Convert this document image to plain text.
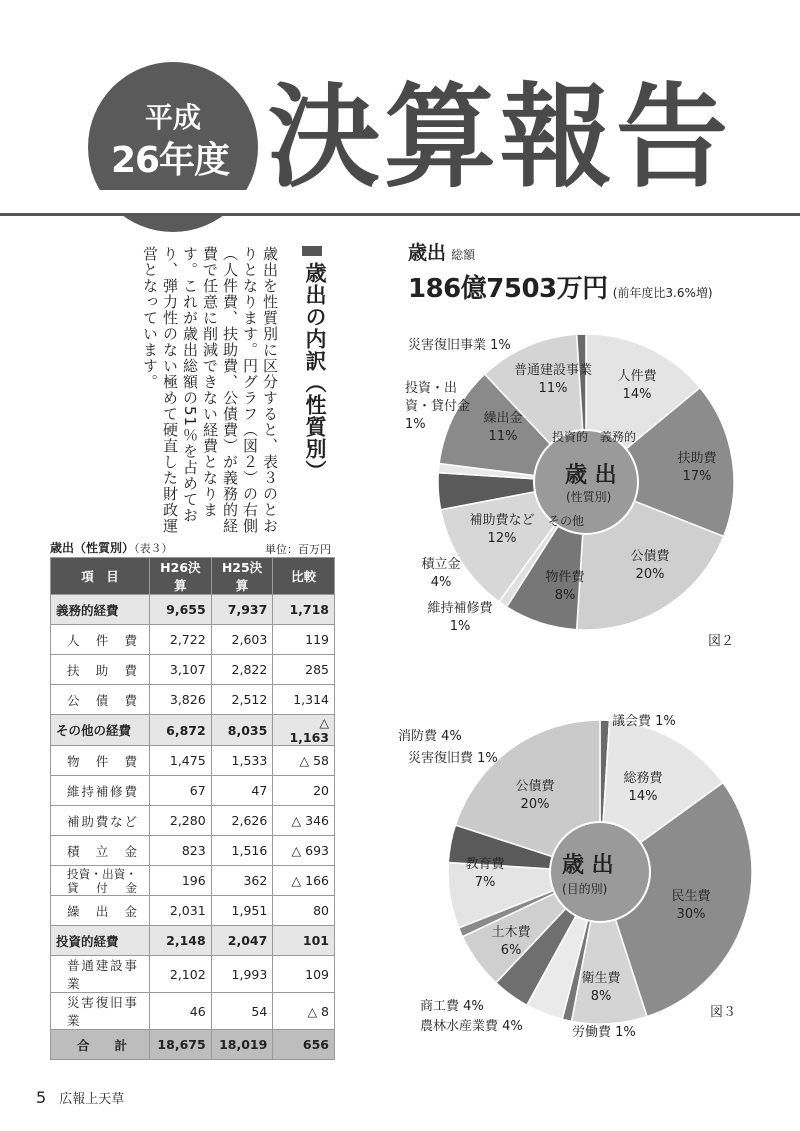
平成
26年度 決算報告
歳出の内訳（性質別）
歳出を性質別に区分すると、表３のとおりとなります。円グラフ（図２）の右側（人件費、扶助費、公債費）が義務的経費で任意に削減できない経費となります。これが歳出総額の51％を占めており、弾力性のない極めて硬直した財政運営となっています。
歳出（性質別）（表３）	単位：百万円
項　目	H26決算	H25決算	比較
義務的経費	9,655	7,937	1,718
人件費	2,722	2,603	119
扶助費	3,107	2,822	285
公債費	3,826	2,512	1,314
その他の経費	6,872	8,035	△ 1,163
物件費	1,475	1,533	△ 58
維持補修費	67	47	20
補助費など	2,280	2,626	△ 346
積立金	823	1,516	△ 693
投資・出資・貸付金	196	362	△ 166
繰出金	2,031	1,951	80
投資的経費	2,148	2,047	101
普通建設事業	2,102	1,993	109
災害復旧事業	46	54	△ 8
合計	18,675	18,019	656
歳出 総額
186億7503万円 (前年度比3.6%増)
災害復旧事業 1%
普通建設事業
11%
人件費
14%
投資・出資・貸付金
1%	繰出金
11%
扶助費
17%
補助費など
12%
公債費
20%
積立金
4%	物件費
8%
維持補修費
1%
投資的 義務的
その他
歳 出
(性質別)
図２
議会費 1%
消防費 4%
災害復旧費 1%
公債費
20%
総務費
14%
教育費
7%
民生費
30%
土木費
6%
衛生費
8%
商工費 4%
農林水産業費 4%	労働費 1%
歳 出
(目的別)
図３
5 広報上天草
